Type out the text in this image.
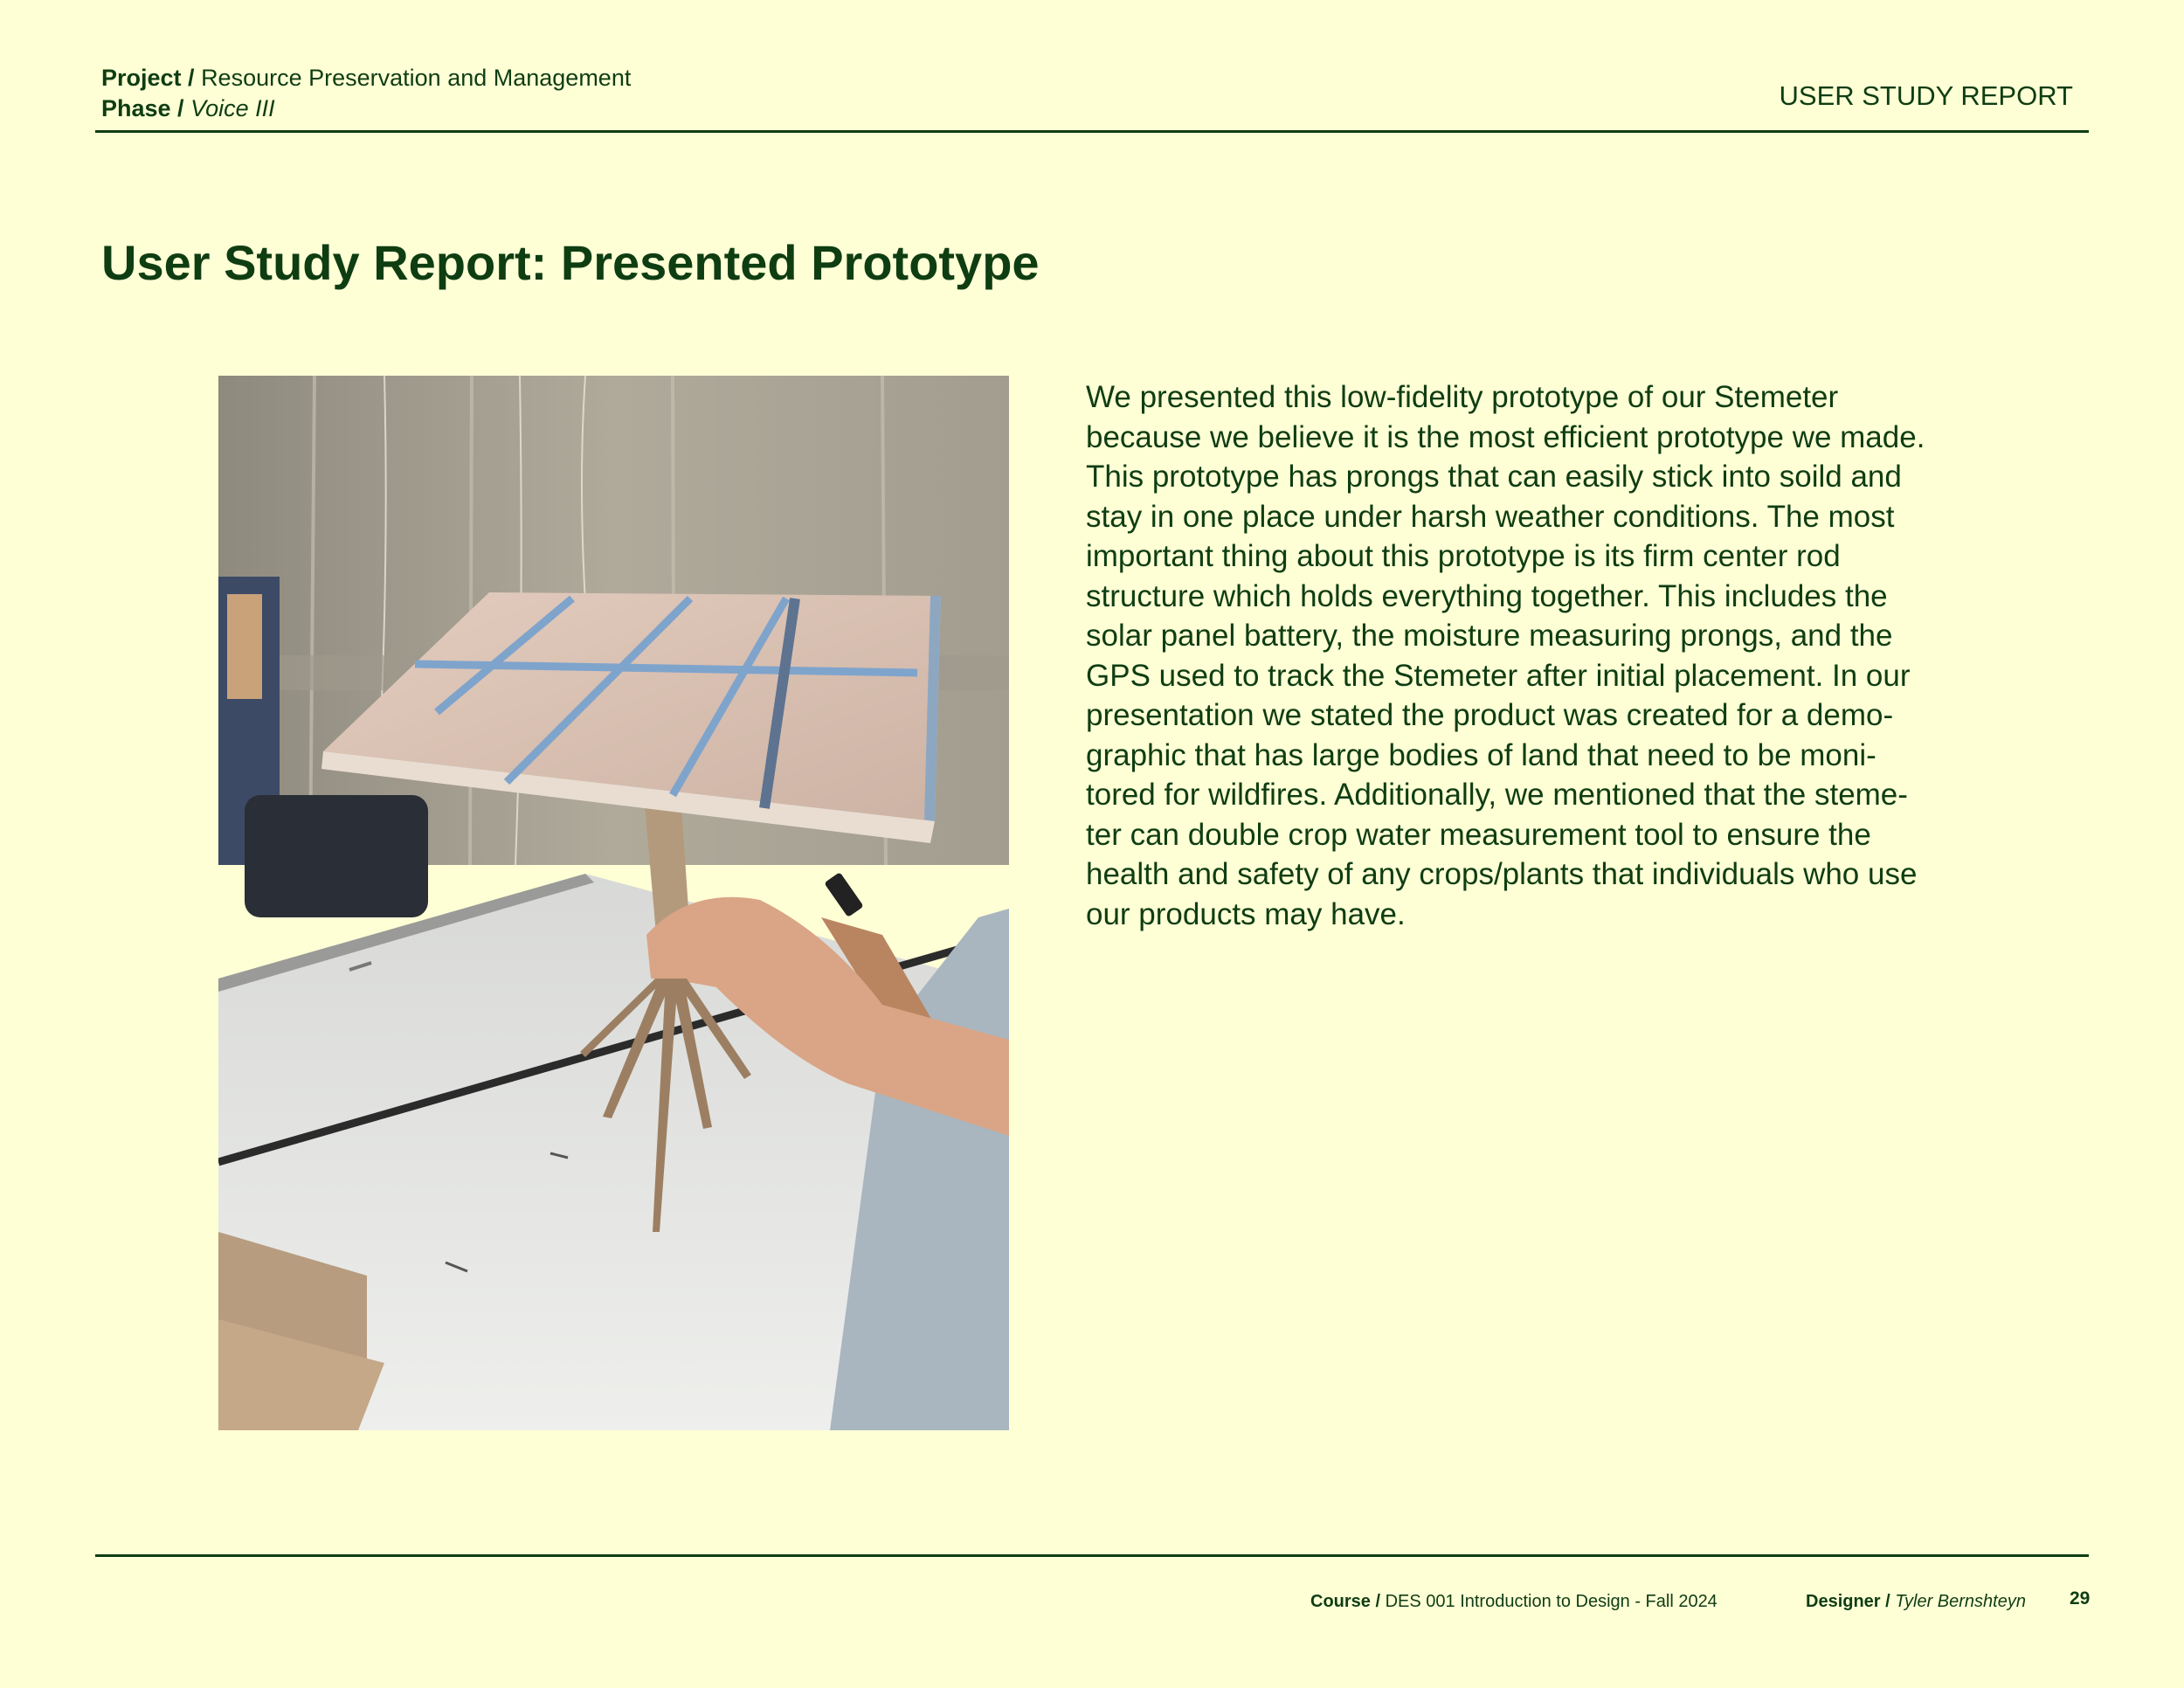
Project / Resource Preservation and Management
Phase / Voice III	USER STUDY REPORT
User Study Report: Presented Prototype

We presented this low-fidelity prototype of our Stemeter

because we believe it is the most efficient prototype we made.

This prototype has prongs that can easily stick into soild and

stay in one place under harsh weather conditions. The most

important thing about this prototype is its firm center rod

structure which holds everything together. This includes the

solar panel battery, the moisture measuring prongs, and the

GPS used to track the Stemeter after initial placement. In our

presentation we stated the product was created for a demo-

graphic that has large bodies of land that need to be moni-

tored for wildfires. Additionally, we mentioned that the steme-

ter can double crop water measurement tool to ensure the

health and safety of any crops/plants that individuals who use

our products may have.

Course / DES 001 Introduction to Design - Fall 2024	Designer / Tyler Bernshteyn 29
